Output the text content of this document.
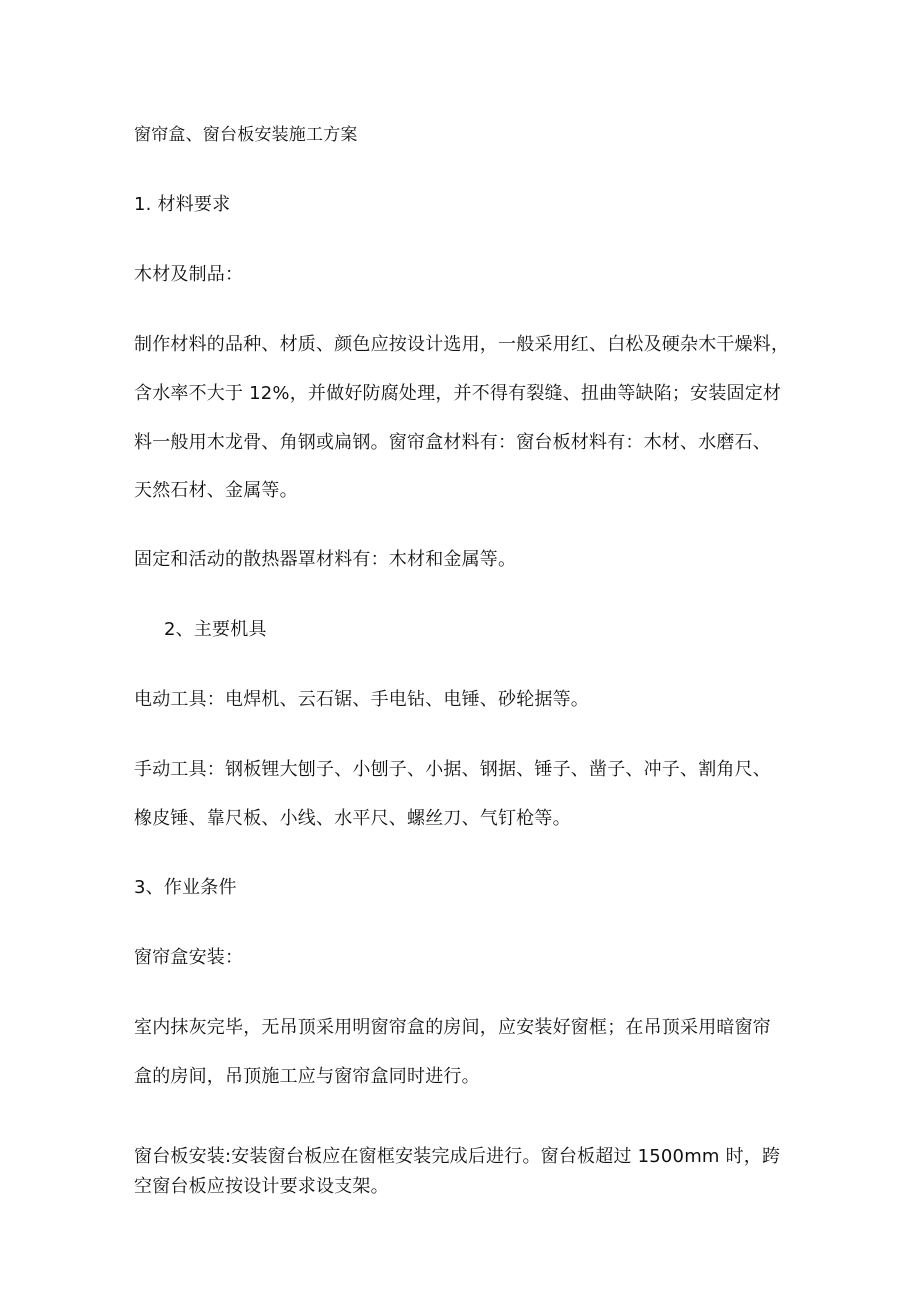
窗帘盒、窗台板安装施工方案
1. 材料要求
木材及制品：
制作材料的品种、材质、颜色应按设计选用，一般采用红、白松及硬杂木干燥料，
含水率不大于 12%，并做好防腐处理，并不得有裂缝、扭曲等缺陷；安装固定材
料一般用木龙骨、角钢或扁钢。窗帘盒材料有：窗台板材料有：木材、水磨石、
天然石材、金属等。
固定和活动的散热器罩材料有：木材和金属等。
2、主要机具
电动工具：电焊机、云石锯、手电钻、电锤、砂轮据等。
手动工具：钢板锂大刨子、小刨子、小据、钢据、锤子、凿子、冲子、割角尺、
橡皮锤、靠尺板、小线、水平尺、螺丝刀、气钉枪等。
3、作业条件
窗帘盒安装：
室内抹灰完毕，无吊顶采用明窗帘盒的房间，应安装好窗框；在吊顶采用暗窗帘
盒的房间，吊顶施工应与窗帘盒同时进行。
窗台板安装:安装窗台板应在窗框安装完成后进行。窗台板超过 1500mm 时，跨
空窗台板应按设计要求设支架。
